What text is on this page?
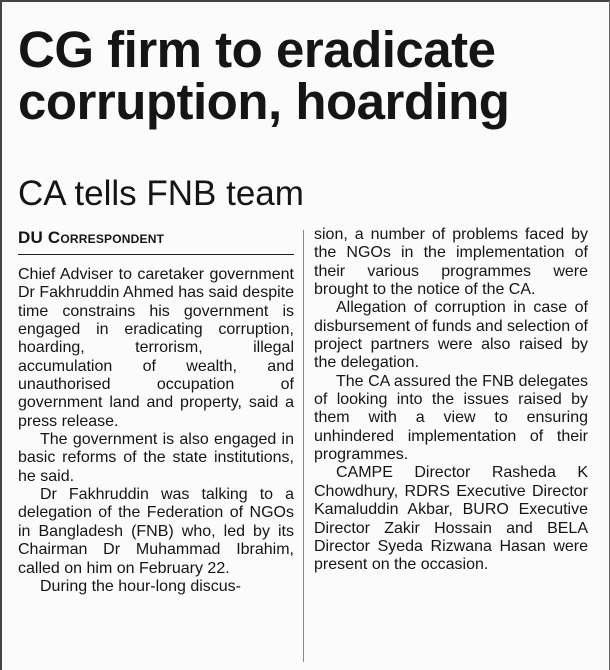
CG firm to eradicate
corruption, hoarding
CA tells FNB team
DU Correspondent

Chief Adviser to caretaker government Dr Fakhruddin Ahmed has said despite time constrains his government is engaged in eradicating corruption, hoarding, terrorism, illegal accumulation of wealth, and unauthorised occupation of government land and property, said a press release.

The government is also engaged in basic reforms of the state institutions, he said.

Dr Fakhruddin was talking to a delegation of the Federation of NGOs in Bangladesh (FNB) who, led by its Chairman Dr Muhammad Ibrahim, called on him on February 22.

During the hour-long discus-

sion, a number of problems faced by the NGOs in the implementation of their various programmes were brought to the notice of the CA.

Allegation of corruption in case of disbursement of funds and selection of project partners were also raised by the delegation.

The CA assured the FNB delegates of looking into the issues raised by them with a view to ensuring unhindered implementation of their programmes.

CAMPE Director Rasheda K Chowdhury, RDRS Executive Director Kamaluddin Akbar, BURO Executive Director Zakir Hossain and BELA Director Syeda Rizwana Hasan were present on the occasion.
